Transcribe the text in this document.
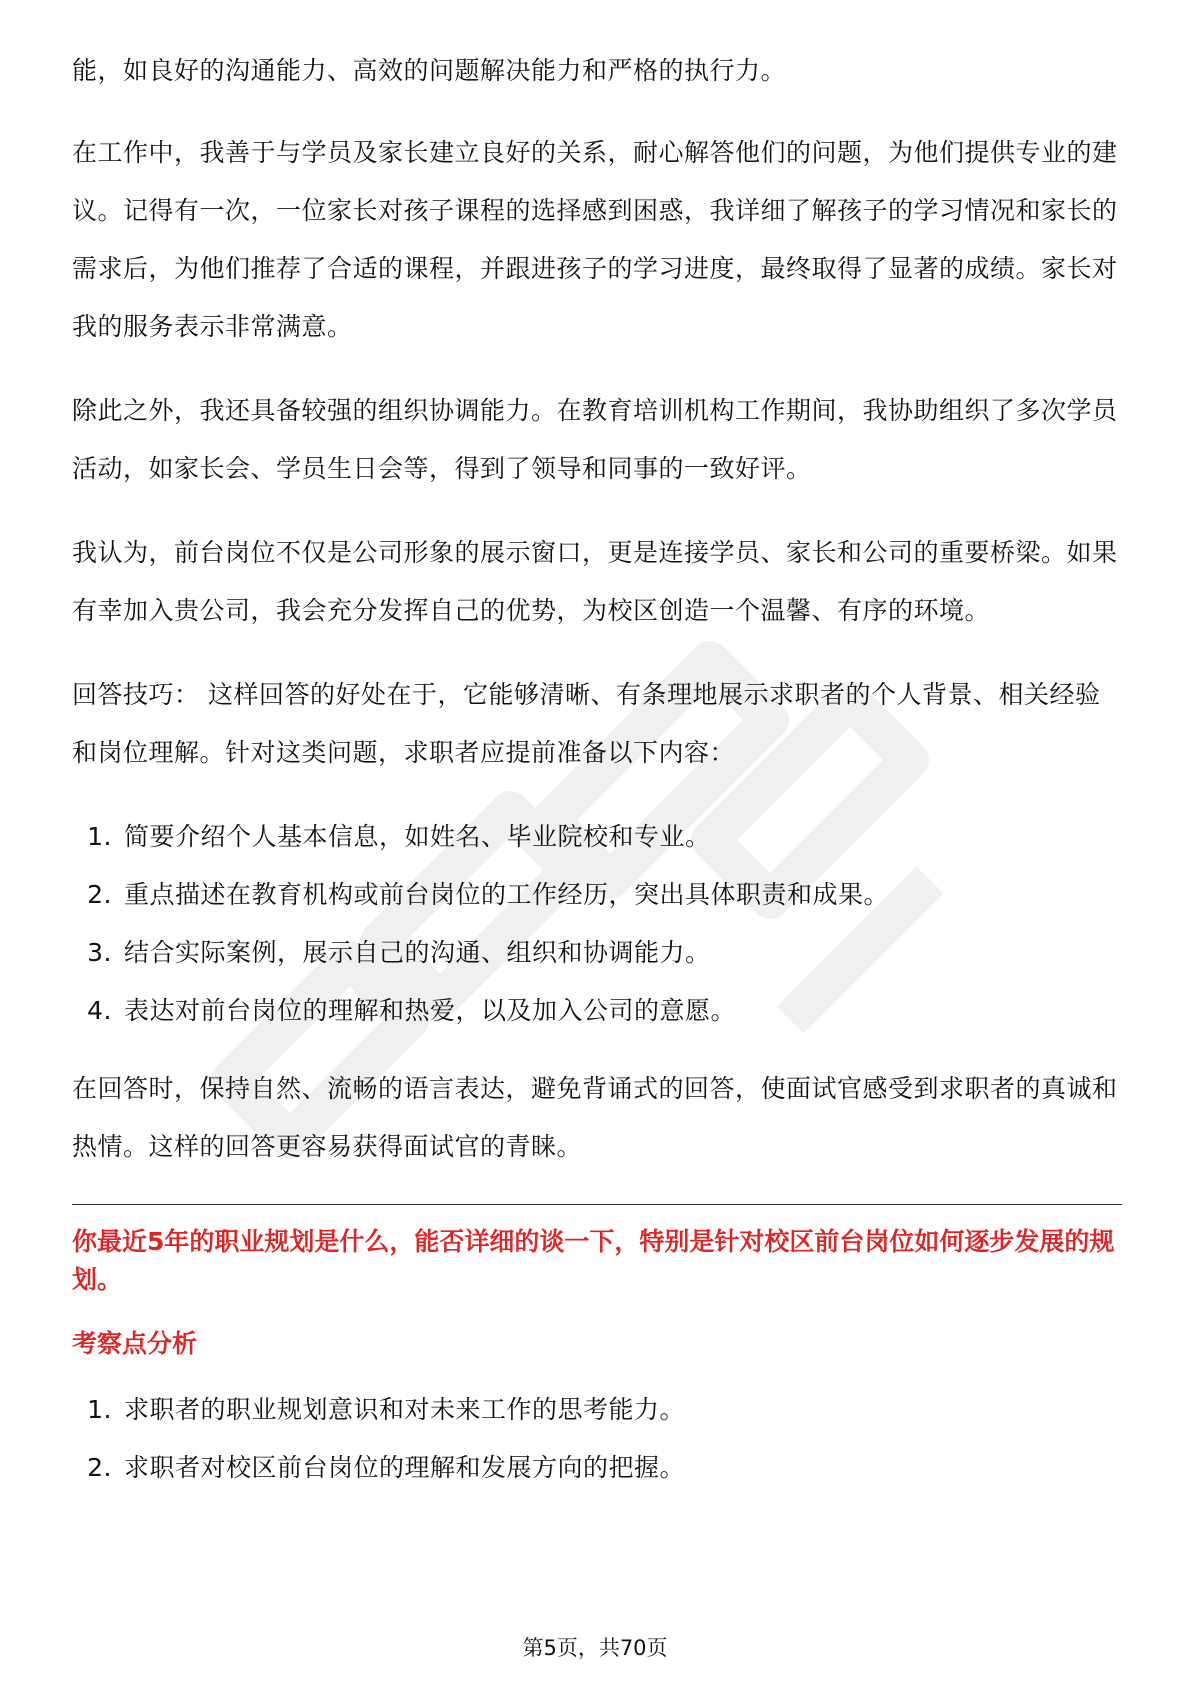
能，如良好的沟通能力、高效的问题解决能力和严格的执行力。

在工作中，我善于与学员及家长建立良好的关系，耐心解答他们的问题，为他们提供专业的建议。记得有一次，一位家长对孩子课程的选择感到困惑，我详细了解孩子的学习情况和家长的需求后，为他们推荐了合适的课程，并跟进孩子的学习进度，最终取得了显著的成绩。家长对我的服务表示非常满意。

除此之外，我还具备较强的组织协调能力。在教育培训机构工作期间，我协助组织了多次学员活动，如家长会、学员生日会等，得到了领导和同事的一致好评。

我认为，前台岗位不仅是公司形象的展示窗口，更是连接学员、家长和公司的重要桥梁。如果有幸加入贵公司，我会充分发挥自己的优势，为校区创造一个温馨、有序的环境。

回答技巧： 这样回答的好处在于，它能够清晰、有条理地展示求职者的个人背景、相关经验和岗位理解。针对这类问题，求职者应提前准备以下内容：

1. 简要介绍个人基本信息，如姓名、毕业院校和专业。
2. 重点描述在教育机构或前台岗位的工作经历，突出具体职责和成果。
3. 结合实际案例，展示自己的沟通、组织和协调能力。
4. 表达对前台岗位的理解和热爱，以及加入公司的意愿。

在回答时，保持自然、流畅的语言表达，避免背诵式的回答，使面试官感受到求职者的真诚和热情。这样的回答更容易获得面试官的青睐。

你最近5年的职业规划是什么，能否详细的谈一下，特别是针对校区前台岗位如何逐步发展的规划。
考察点分析
1. 求职者的职业规划意识和对未来工作的思考能力。
2. 求职者对校区前台岗位的理解和发展方向的把握。
第5页，共70页
